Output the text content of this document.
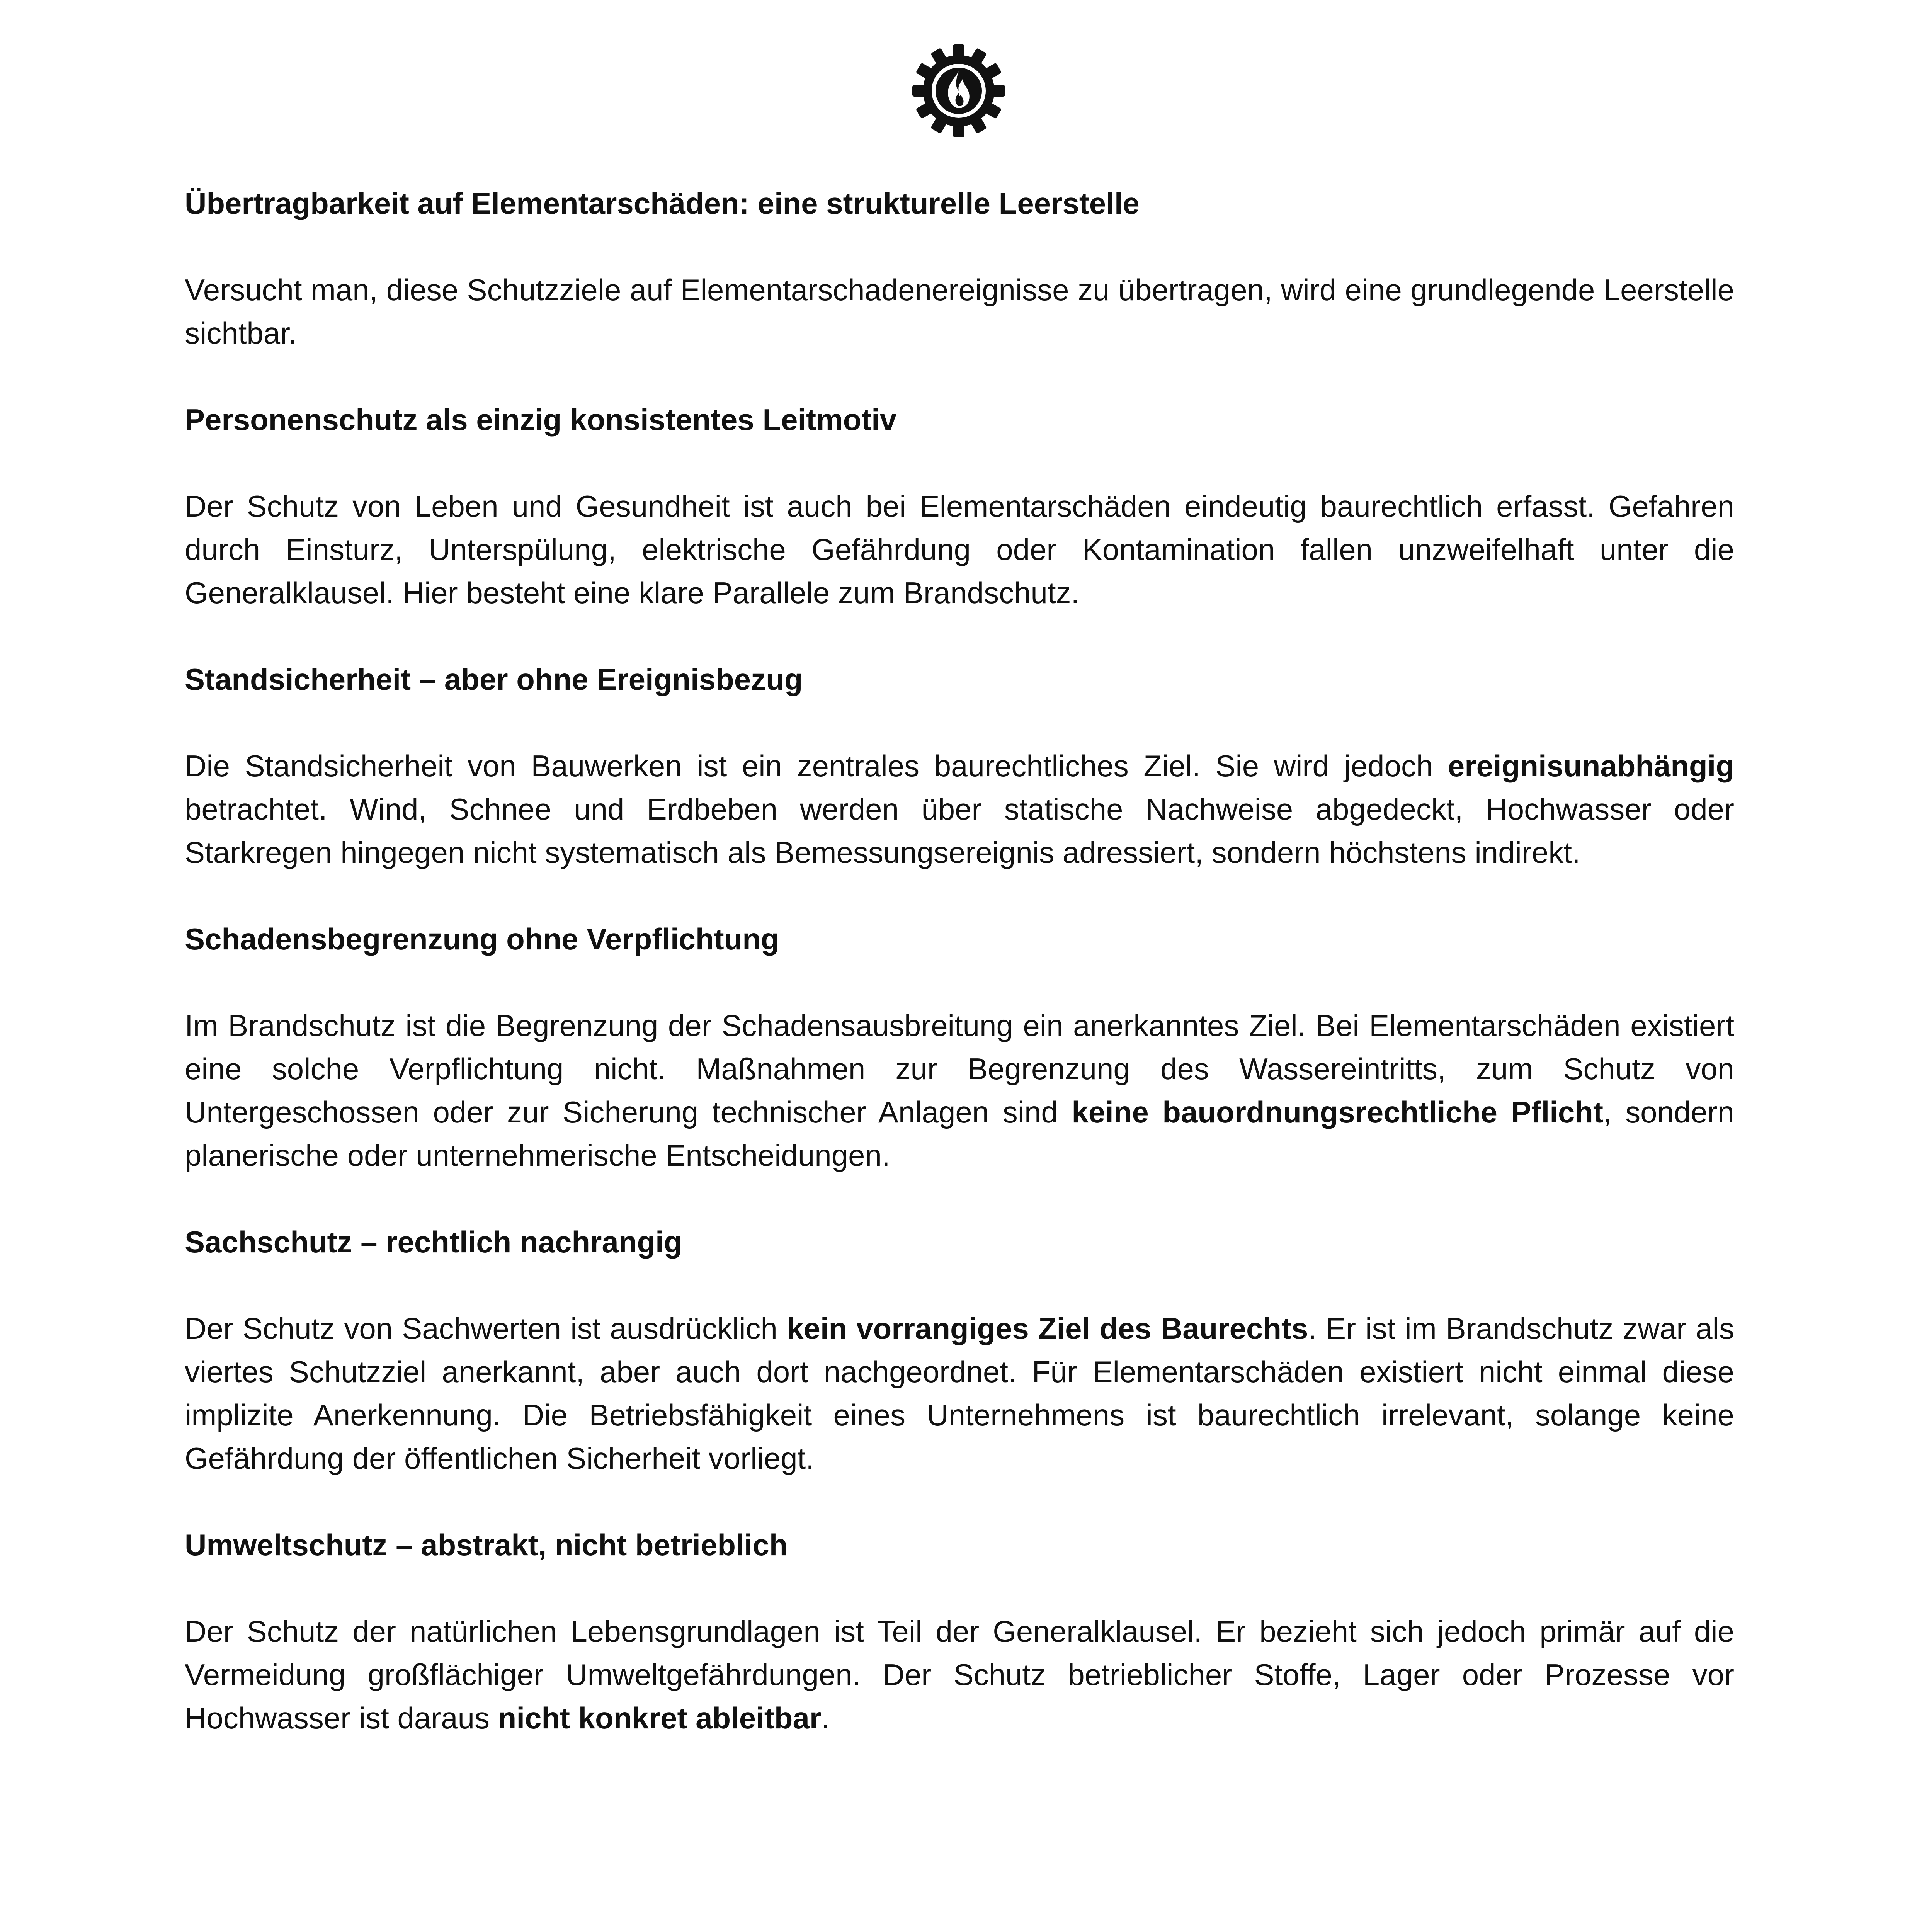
Übertragbarkeit auf Elementarschäden: eine strukturelle Leerstelle

Versucht man, diese Schutzziele auf Elementarschadenereignisse zu übertragen, wird eine grundlegende Leerstelle sichtbar.

Personenschutz als einzig konsistentes Leitmotiv

Der Schutz von Leben und Gesundheit ist auch bei Elementarschäden eindeutig baurechtlich erfasst. Gefahren durch Einsturz, Unterspülung, elektrische Gefährdung oder Kontamination fallen unzweifelhaft unter die Generalklausel. Hier besteht eine klare Parallele zum Brandschutz.

Standsicherheit – aber ohne Ereignisbezug

Die Standsicherheit von Bauwerken ist ein zentrales baurechtliches Ziel. Sie wird jedoch ereignisunabhängig betrachtet. Wind, Schnee und Erdbeben werden über statische Nachweise abgedeckt, Hochwasser oder Starkregen hingegen nicht systematisch als Bemessungsereignis adressiert, sondern höchstens indirekt.

Schadensbegrenzung ohne Verpflichtung

Im Brandschutz ist die Begrenzung der Schadensausbreitung ein anerkanntes Ziel. Bei Elementarschäden existiert eine solche Verpflichtung nicht. Maßnahmen zur Begrenzung des Wassereintritts, zum Schutz von Untergeschossen oder zur Sicherung technischer Anlagen sind keine bauordnungsrechtliche Pflicht, sondern planerische oder unternehmerische Entscheidungen.

Sachschutz – rechtlich nachrangig

Der Schutz von Sachwerten ist ausdrücklich kein vorrangiges Ziel des Baurechts. Er ist im Brandschutz zwar als viertes Schutzziel anerkannt, aber auch dort nachgeordnet. Für Elementarschäden existiert nicht einmal diese implizite Anerkennung. Die Betriebsfähigkeit eines Unternehmens ist baurechtlich irrelevant, solange keine Gefährdung der öffentlichen Sicherheit vorliegt.

Umweltschutz – abstrakt, nicht betrieblich

Der Schutz der natürlichen Lebensgrundlagen ist Teil der Generalklausel. Er bezieht sich jedoch primär auf die Vermeidung großflächiger Umweltgefährdungen. Der Schutz betrieblicher Stoffe, Lager oder Prozesse vor Hochwasser ist daraus nicht konkret ableitbar.
